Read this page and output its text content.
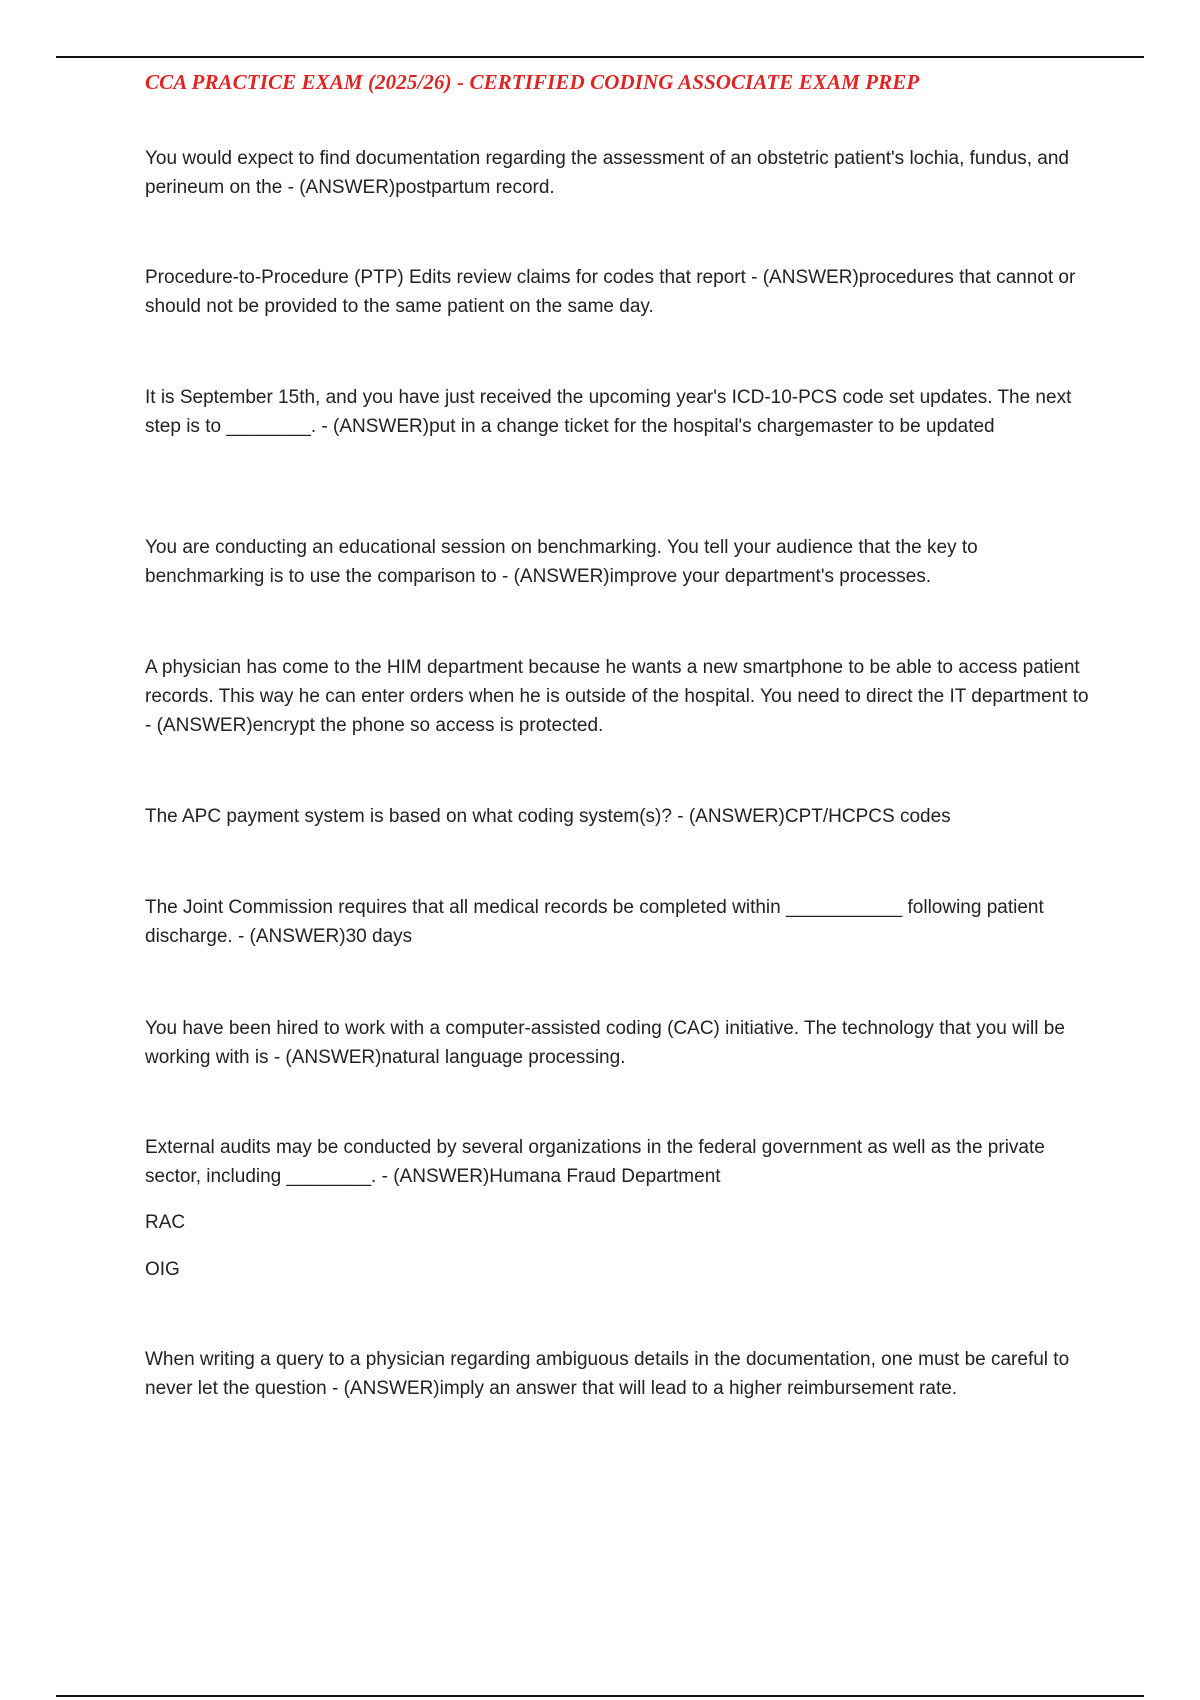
CCA PRACTICE EXAM (2025/26) - CERTIFIED CODING ASSOCIATE EXAM PREP

You would expect to find documentation regarding the assessment of an obstetric patient's lochia, fundus, and perineum on the - (ANSWER)postpartum record.

Procedure-to-Procedure (PTP) Edits review claims for codes that report - (ANSWER)procedures that cannot or should not be provided to the same patient on the same day.

It is September 15th, and you have just received the upcoming year's ICD-10-PCS code set updates. The next step is to ________. - (ANSWER)put in a change ticket for the hospital's chargemaster to be updated

You are conducting an educational session on benchmarking. You tell your audience that the key to benchmarking is to use the comparison to - (ANSWER)improve your department's processes.

A physician has come to the HIM department because he wants a new smartphone to be able to access patient records. This way he can enter orders when he is outside of the hospital. You need to direct the IT department to - (ANSWER)encrypt the phone so access is protected.

The APC payment system is based on what coding system(s)? - (ANSWER)CPT/HCPCS codes

The Joint Commission requires that all medical records be completed within ___________ following patient discharge. - (ANSWER)30 days

You have been hired to work with a computer-assisted coding (CAC) initiative. The technology that you will be working with is - (ANSWER)natural language processing.

External audits may be conducted by several organizations in the federal government as well as the private sector, including ________. - (ANSWER)Humana Fraud Department

RAC

OIG

When writing a query to a physician regarding ambiguous details in the documentation, one must be careful to never let the question - (ANSWER)imply an answer that will lead to a higher reimbursement rate.
